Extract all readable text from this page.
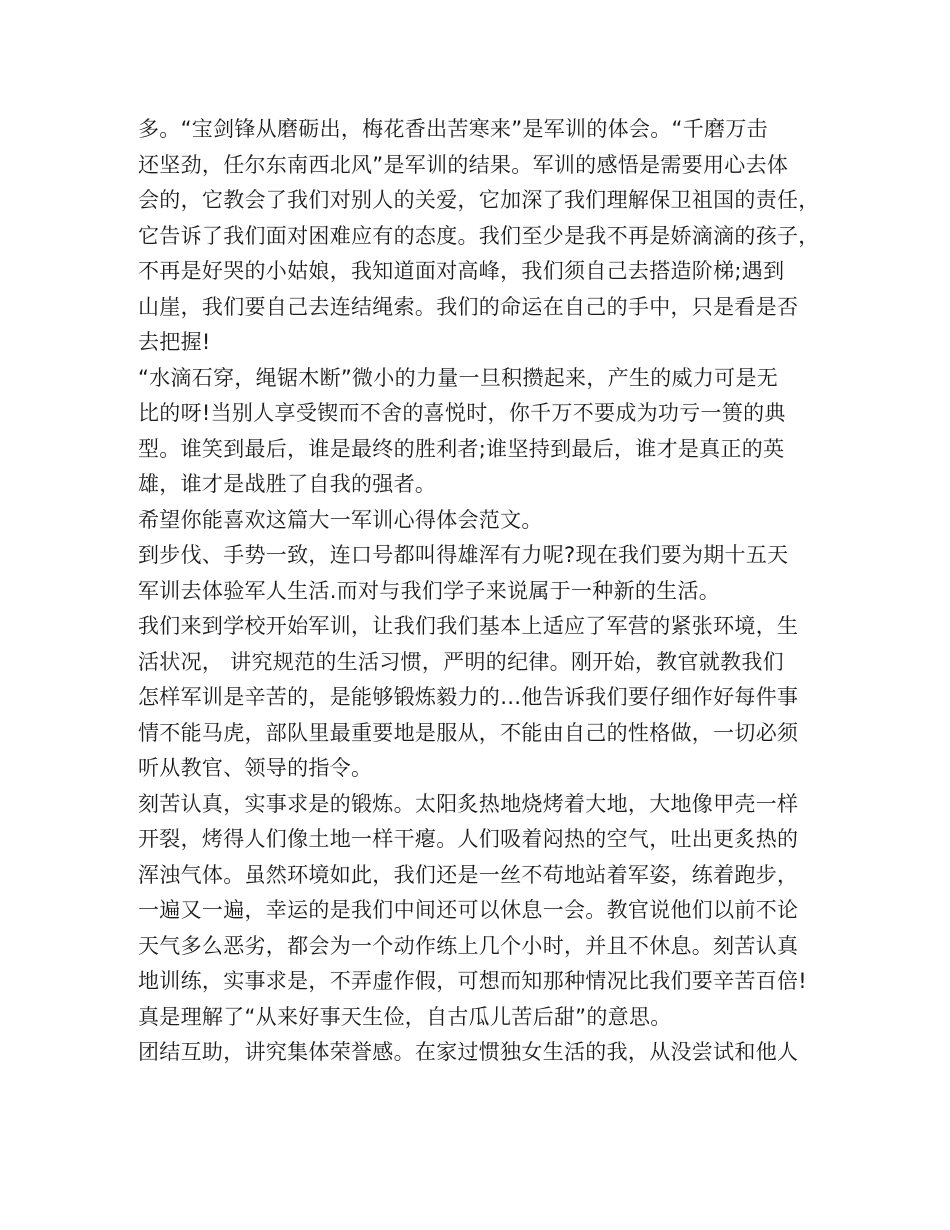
多。“宝剑锋从磨砺出，梅花香出苦寒来”是军训的体会。“千磨万击
还坚劲，任尔东南西北风”是军训的结果。军训的感悟是需要用心去体
会的，它教会了我们对别人的关爱，它加深了我们理解保卫祖国的责任，
它告诉了我们面对困难应有的态度。我们至少是我不再是娇滴滴的孩子，
不再是好哭的小姑娘，我知道面对高峰，我们须自己去搭造阶梯;遇到
山崖，我们要自己去连结绳索。我们的命运在自己的手中，只是看是否
去把握!
“水滴石穿，绳锯木断”微小的力量一旦积攒起来，产生的威力可是无
比的呀!当别人享受锲而不舍的喜悦时，你千万不要成为功亏一篑的典
型。谁笑到最后，谁是最终的胜利者;谁坚持到最后，谁才是真正的英
雄，谁才是战胜了自我的强者。
希望你能喜欢这篇大一军训心得体会范文。
到步伐、手势一致，连口号都叫得雄浑有力呢?现在我们要为期十五天
军训去体验军人生活.而对与我们学子来说属于一种新的生活。
我们来到学校开始军训，让我们我们基本上适应了军营的紧张环境，生
活状况， 讲究规范的生活习惯，严明的纪律。刚开始，教官就教我们
怎样军训是辛苦的，是能够锻炼毅力的…他告诉我们要仔细作好每件事
情不能马虎，部队里最重要地是服从，不能由自己的性格做，一切必须
听从教官、领导的指令。
刻苦认真，实事求是的锻炼。太阳炙热地烧烤着大地，大地像甲壳一样
开裂，烤得人们像土地一样干瘪。人们吸着闷热的空气，吐出更炙热的
浑浊气体。虽然环境如此，我们还是一丝不苟地站着军姿，练着跑步，
一遍又一遍，幸运的是我们中间还可以休息一会。教官说他们以前不论
天气多么恶劣，都会为一个动作练上几个小时，并且不休息。刻苦认真
地训练，实事求是，不弄虚作假，可想而知那种情况比我们要辛苦百倍!
真是理解了“从来好事天生俭，自古瓜儿苦后甜”的意思。
团结互助，讲究集体荣誉感。在家过惯独女生活的我，从没尝试和他人
